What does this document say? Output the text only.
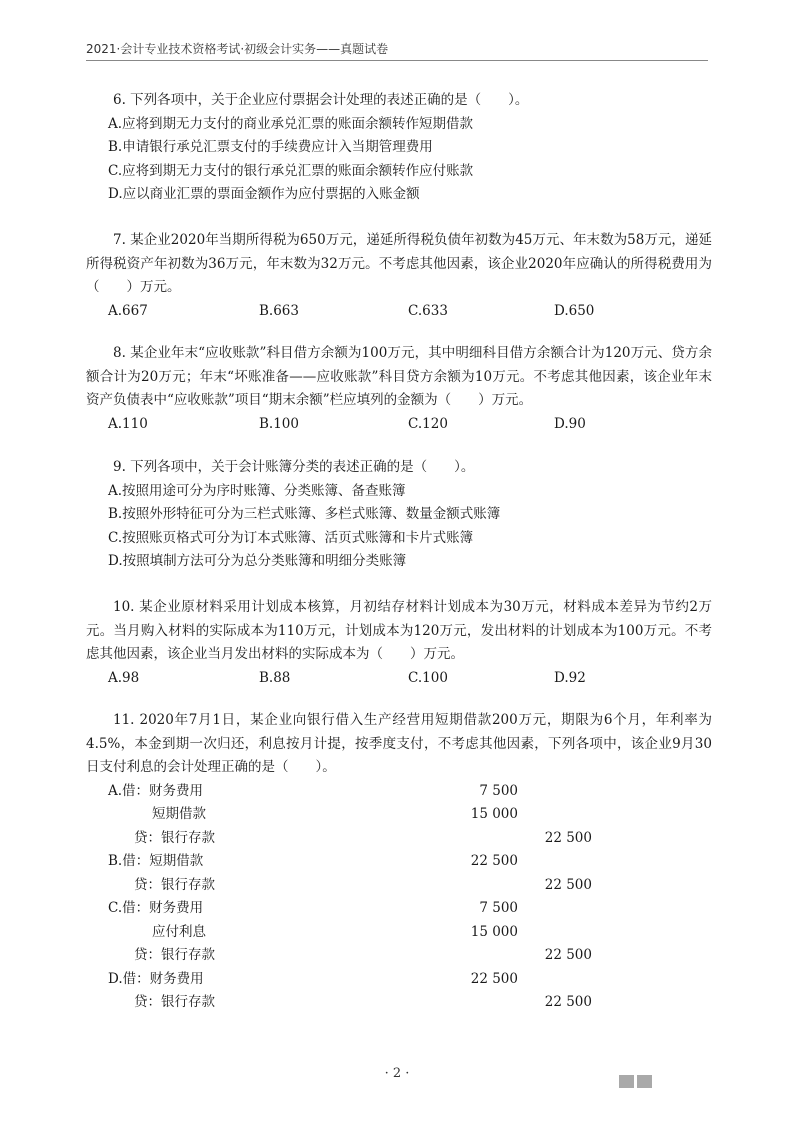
2021·会计专业技术资格考试·初级会计实务——真题试卷

6. 下列各项中，关于企业应付票据会计处理的表述正确的是（　　）。

A.应将到期无力支付的商业承兑汇票的账面余额转作短期借款

B.申请银行承兑汇票支付的手续费应计入当期管理费用

C.应将到期无力支付的银行承兑汇票的账面余额转作应付账款

D.应以商业汇票的票面金额作为应付票据的入账金额

7. 某企业2020年当期所得税为650万元，递延所得税负债年初数为45万元、年末数为58万元，递延所得税资产年初数为36万元，年末数为32万元。不考虑其他因素，该企业2020年应确认的所得税费用为（　　）万元。

A.667	B.663	C.633	D.650

8. 某企业年末“应收账款”科目借方余额为100万元，其中明细科目借方余额合计为120万元、贷方余额合计为20万元；年末“坏账准备——应收账款”科目贷方余额为10万元。不考虑其他因素，该企业年末资产负债表中“应收账款”项目“期末余额”栏应填列的金额为（　　）万元。

A.110	B.100	C.120	D.90

9. 下列各项中，关于会计账簿分类的表述正确的是（　　）。

A.按照用途可分为序时账簿、分类账簿、备查账簿

B.按照外形特征可分为三栏式账簿、多栏式账簿、数量金额式账簿

C.按照账页格式可分为订本式账簿、活页式账簿和卡片式账簿

D.按照填制方法可分为总分类账簿和明细分类账簿

10. 某企业原材料采用计划成本核算，月初结存材料计划成本为30万元，材料成本差异为节约2万元。当月购入材料的实际成本为110万元，计划成本为120万元，发出材料的计划成本为100万元。不考虑其他因素，该企业当月发出材料的实际成本为（　　）万元。

A.98	B.88	C.100	D.92

11. 2020年7月1日，某企业向银行借入生产经营用短期借款200万元，期限为6个月，年利率为4.5%，本金到期一次归还，利息按月计提，按季度支付，不考虑其他因素，下列各项中，该企业9月30日支付利息的会计处理正确的是（　　）。

A.借：财务费用	7 500
短期借款	15 000
贷：银行存款	22 500
B.借：短期借款	22 500
贷：银行存款	22 500
C.借：财务费用	7 500
应付利息	15 000
贷：银行存款	22 500
D.借：财务费用	22 500
贷：银行存款	22 500
· 2 ·
